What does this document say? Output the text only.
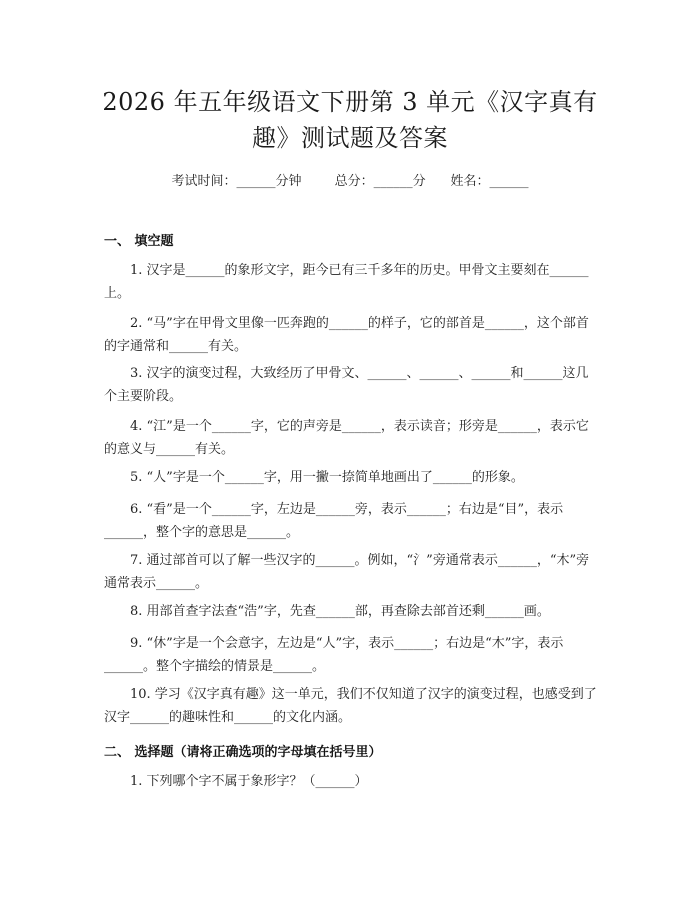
2026 年五年级语文下册第 3 单元《汉字真有
趣》测试题及答案
考试时间：______分钟	总分：______分 姓名：______
一、 填空题
1. 汉字是______的象形文字，距今已有三千多年的历史。甲骨文主要刻在______上。
2. “马”字在甲骨文里像一匹奔跑的______的样子，它的部首是______，这个部首的字通常和______有关。
3. 汉字的演变过程，大致经历了甲骨文、______、______、______和______这几个主要阶段。
4. “江”是一个______字，它的声旁是______，表示读音；形旁是______，表示它的意义与______有关。
5. “人”字是一个______字，用一撇一捺简单地画出了______的形象。
6. “看”是一个______字，左边是______旁，表示______；右边是“目”，表示______，整个字的意思是______。
7. 通过部首可以了解一些汉字的______。例如，“氵”旁通常表示______，“木”旁通常表示______。
8. 用部首查字法查“浩”字，先查______部，再查除去部首还剩______画。
9. “休”字是一个会意字，左边是“人”字，表示______；右边是“木”字，表示______。整个字描绘的情景是______。
10. 学习《汉字真有趣》这一单元，我们不仅知道了汉字的演变过程，也感受到了汉字______的趣味性和______的文化内涵。
二、 选择题（请将正确选项的字母填在括号里）
1. 下列哪个字不属于象形字？（______）
